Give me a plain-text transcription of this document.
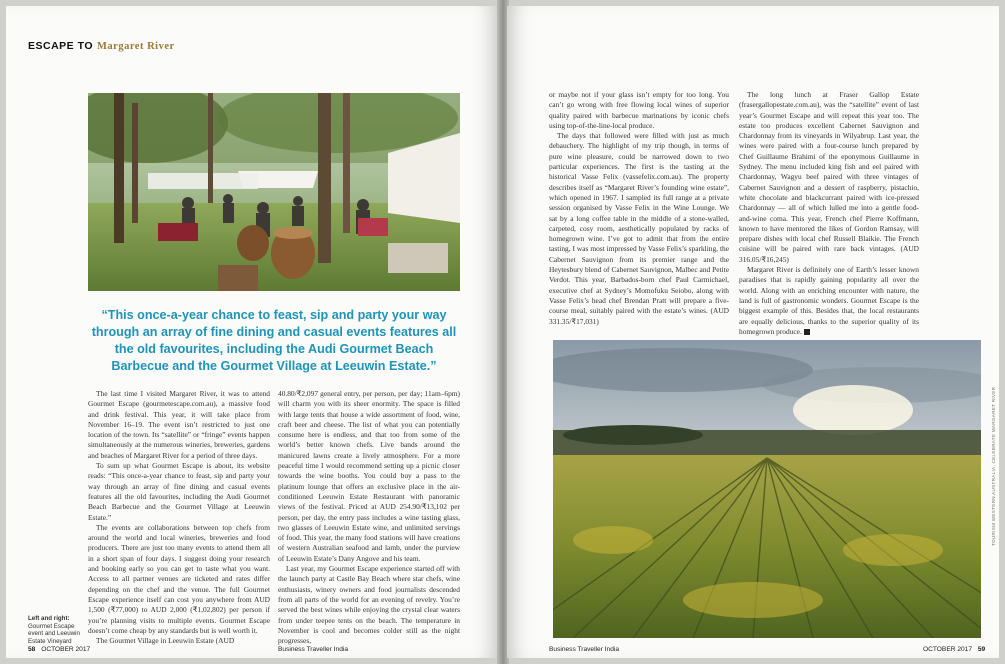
ESCAPE TO Margaret River
“This once-a-year chance to feast, sip and party your way through an array of fine dining and casual events features all the old favourites, including the Audi Gourmet Beach Barbecue and the Gourmet Village at Leeuwin Estate.”

The last time I visited Margaret River, it was to attend Gourmet Escape (gourmetescape.com.au), a massive food and drink festival. This year, it will take place from November 16–19. The event isn’t restricted to just one location of the town. Its “satellite” or “fringe” events happen simultaneously at the numerous wineries, breweries, gardens and beaches of Margaret River for a period of three days.

To sum up what Gourmet Escape is about, its website reads: “This once-a-year chance to feast, sip and party your way through an array of fine dining and casual events features all the old favourites, including the Audi Gourmet Beach Barbecue and the Gourmet Village at Leeuwin Estate.”

The events are collaborations between top chefs from around the world and local wineries, breweries and food producers. There are just too many events to attend them all in a short span of four days. I suggest doing your research and booking early so you can get to taste what you want. Access to all partner venues are ticketed and rates differ depending on the chef and the venue. The full Gourmet Escape experience itself can cost you anywhere from AUD 1,500 (₹77,000) to AUD 2,000 (₹1,02,802) per person if you’re planning visits to multiple events. Gourmet Escape doesn’t come cheap by any standards but is well worth it.

The Gourmet Village in Leeuwin Estate (AUD

40.80/₹2,097 general entry, per person, per day; 11am–6pm) will charm you with its sheer enormity. The space is filled with large tents that house a wide assortment of food, wine, craft beer and cheese. The list of what you can potentially consume here is endless, and that too from some of the world’s better known chefs. Live bands around the manicured lawns create a lively atmosphere. For a more peaceful time I would recommend setting up a picnic closer towards the wine booths. You could buy a pass to the platinum lounge that offers an exclusive place in the air-conditioned Leeuwin Estate Restaurant with panoramic views of the festival. Priced at AUD 254.90/₹13,102 per person, per day, the entry pass includes a wine tasting glass, two glasses of Leeuwin Estate wine, and unlimited servings of food. This year, the many food stations will have creations of western Australian seafood and lamb, under the purview of Leeuwin Estate’s Dany Angove and his team.

Last year, my Gourmet Escape experience started off with the launch party at Castle Bay Beach where star chefs, wine enthusiasts, winery owners and food journalists descended from all parts of the world for an evening of revelry. You’re served the best wines while enjoying the crystal clear waters from under teepee tents on the beach. The temperature in November is cool and becomes colder still as the night progresses,

Left and right:
Gourmet Escape event and Leeuwin Estate Vineyard
58 OCTOBER 2017	Business Traveller India

or maybe not if your glass isn’t empty for too long. You can’t go wrong with free flowing local wines of superior quality paired with barbecue marinations by iconic chefs using top-of-the-line-local produce.

The days that followed were filled with just as much debauchery. The highlight of my trip though, in terms of pure wine pleasure, could be narrowed down to two particular experiences. The first is the tasting at the historical Vasse Felix (vassefelix.com.au). The property describes itself as “Margaret River’s founding wine estate”, which opened in 1967. I sampled its full range at a private session organised by Vasse Felix in the Wine Lounge. We sat by a long coffee table in the middle of a stone-walled, carpeted, cosy room, aesthetically populated by racks of homegrown wine. I’ve got to admit that from the entire tasting, I was most impressed by Vasse Felix’s sparkling, the Cabernet Sauvignon from its premier range and the Heytesbury blend of Cabernet Sauvignon, Malbec and Petite Verdot. This year, Barbados-born chef Paul Carmichael, executive chef at Sydney’s Momofuku Seiobo, along with Vasse Felix’s head chef Brendan Pratt will prepare a five-course meal, suitably paired with the estate’s wines. (AUD 331.35/₹17,031)

The long lunch at Fraser Gallop Estate (frasergallopestate.com.au), was the “satellite” event of last year’s Gourmet Escape and will repeat this year too. The estate too produces excellent Cabernet Sauvignon and Chardonnay from its vineyards in Wilyabrup. Last year, the wines were paired with a four-course lunch prepared by Chef Guillaume Brahimi of the eponymous Guillaume in Sydney. The menu included king fish and eel paired with Chardonnay, Wagyu beef paired with three vintages of Cabernet Sauvignon and a dessert of raspberry, pistachio, white chocolate and blackcurrant paired with ice-pressed Chardonnay — all of which lulled me into a gentle food-and-wine coma. This year, French chef Pierre Koffmann, known to have mentored the likes of Gordon Ramsay, will prepare dishes with local chef Russell Blaikie. The French cuisine will be paired with rare back vintages. (AUD 316.05/₹16,245)

Margaret River is definitely one of Earth’s lesser known paradises that is rapidly gaining popularity all over the world. Along with an enriching encounter with nature, the land is full of gastronomic wonders. Gourmet Escape is the biggest example of this. Besides that, the local restaurants are equally delicious, thanks to the superior quality of its homegrown produce.

TOURISM WESTERN AUSTRALIA, CELEBRATE MARGARET RIVER
Business Traveller India	OCTOBER 2017 59
